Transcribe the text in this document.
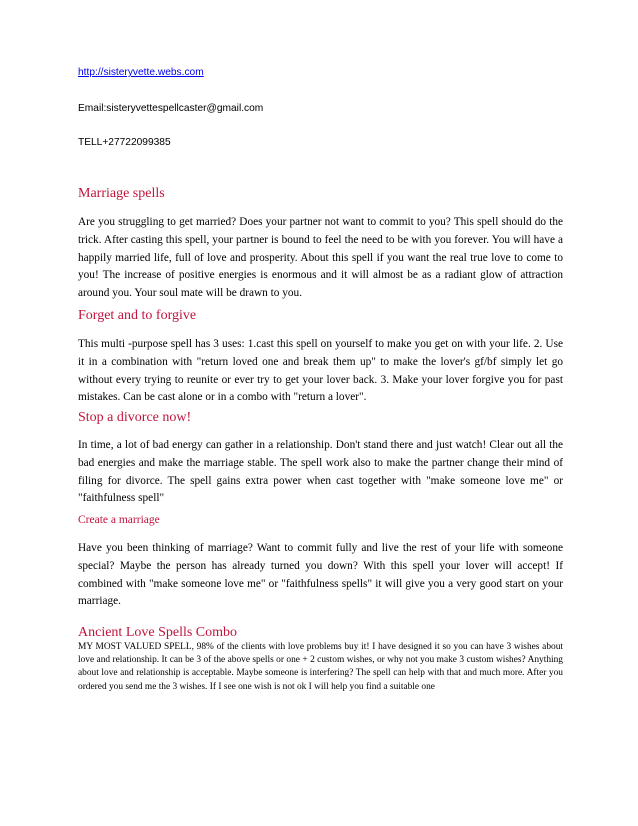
http://sisteryvette.webs.com
Email:sisteryvettespellcaster@gmail.com
TELL+27722099385
Marriage spells
Are you struggling to get married? Does your partner not want to commit to you? This spell should do the trick. After casting this spell, your partner is bound to feel the need to be with you forever. You will have a happily married life, full of love and prosperity. About this spell if you want the real true love to come to you! The increase of positive energies is enormous and it will almost be as a radiant glow of attraction around you. Your soul mate will be drawn to you.
Forget and to forgive
This multi -purpose spell has 3 uses: 1.cast this spell on yourself to make you get on with your life. 2. Use it in a combination with "return loved one and break them up" to make the lover's gf/bf simply let go without every trying to reunite or ever try to get your lover back. 3. Make your lover forgive you for past mistakes. Can be cast alone or in a combo with "return a lover".
Stop a divorce now!
In time, a lot of bad energy can gather in a relationship. Don't stand there and just watch! Clear out all the bad energies and make the marriage stable. The spell work also to make the partner change their mind of filing for divorce. The spell gains extra power when cast together with "make someone love me" or "faithfulness spell"
Create a marriage
Have you been thinking of marriage? Want to commit fully and live the rest of your life with someone special? Maybe the person has already turned you down? With this spell your lover will accept! If combined with "make someone love me" or "faithfulness spells" it will give you a very good start on your marriage.
Ancient Love Spells Combo
MY MOST VALUED SPELL, 98% of the clients with love problems buy it! I have designed it so you can have 3 wishes about love and relationship. It can be 3 of the above spells or one + 2 custom wishes, or why not you make 3 custom wishes? Anything about love and relationship is acceptable. Maybe someone is interfering? The spell can help with that and much more. After you ordered you send me the 3 wishes. If I see one wish is not ok I will help you find a suitable one
